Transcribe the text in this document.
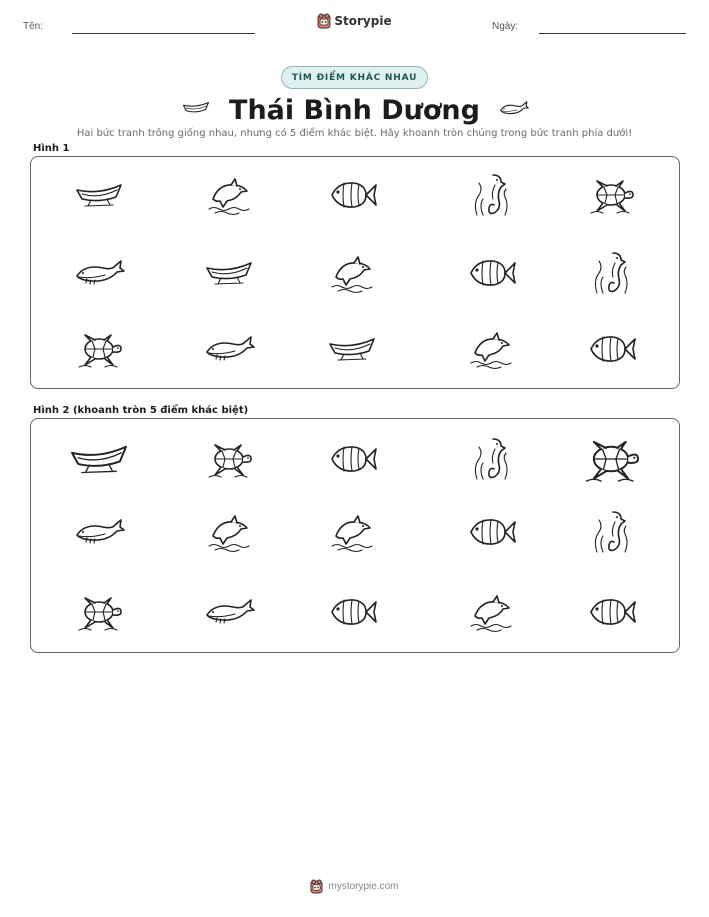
Tên:	Storypie	Ngày:
TÌM ĐIỂM KHÁC NHAU
Thái Bình Dương

Hai bức tranh trông giống nhau, nhưng có 5 điểm khác biệt. Hãy khoanh tròn chúng trong bức tranh phía dưới!

Hình 1
Hình 2 (khoanh tròn 5 điểm khác biệt)
mystorypie.com
